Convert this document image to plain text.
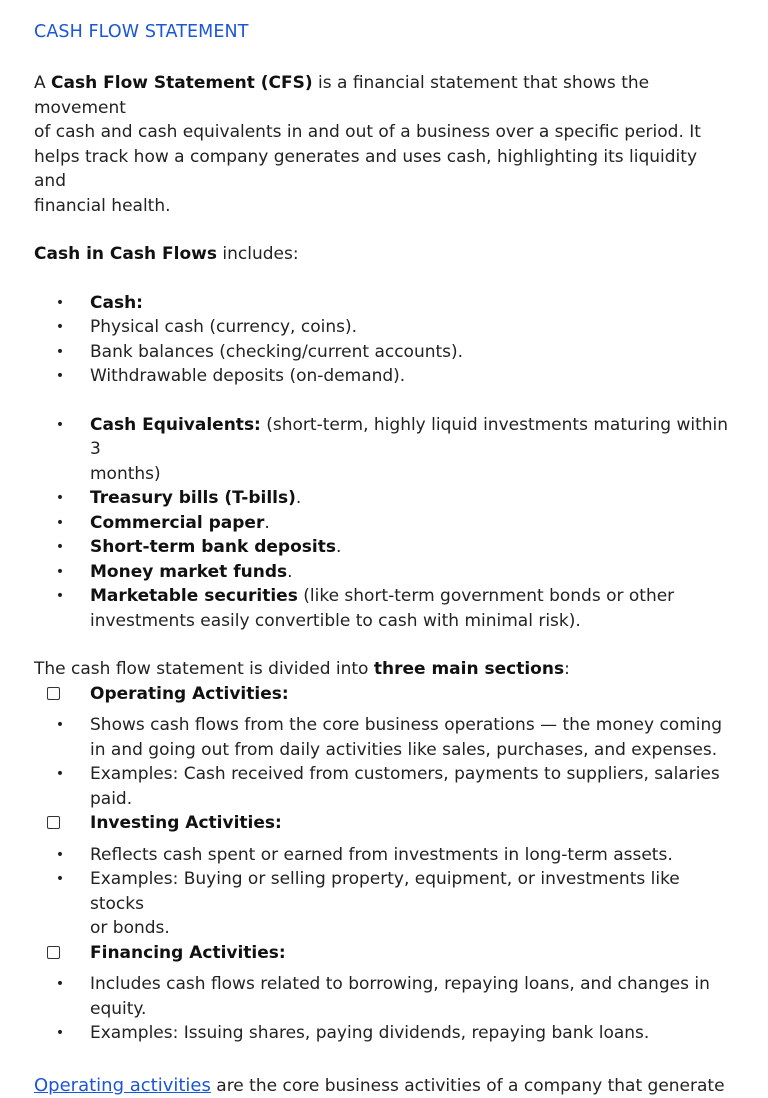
CASH FLOW STATEMENT
A Cash Flow Statement (CFS) is a financial statement that shows the movement
of cash and cash equivalents in and out of a business over a specific period. It
helps track how a company generates and uses cash, highlighting its liquidity and
financial health.
Cash in Cash Flows includes:
• Cash:
• Physical cash (currency, coins).
• Bank balances (checking/current accounts).
• Withdrawable deposits (on-demand).
• Cash Equivalents: (short-term, highly liquid investments maturing within 3
months)
• Treasury bills (T-bills).
• Commercial paper.
• Short-term bank deposits.
• Money market funds.
• Marketable securities (like short-term government bonds or other
investments easily convertible to cash with minimal risk).
The cash flow statement is divided into three main sections:
Operating Activities:
• Shows cash flows from the core business operations — the money coming
in and going out from daily activities like sales, purchases, and expenses.
• Examples: Cash received from customers, payments to suppliers, salaries
paid.
Investing Activities:
• Reflects cash spent or earned from investments in long-term assets.
• Examples: Buying or selling property, equipment, or investments like stocks
or bonds.
Financing Activities:
• Includes cash flows related to borrowing, repaying loans, and changes in
equity.
• Examples: Issuing shares, paying dividends, repaying bank loans.
Operating activities are the core business activities of a company that generate
